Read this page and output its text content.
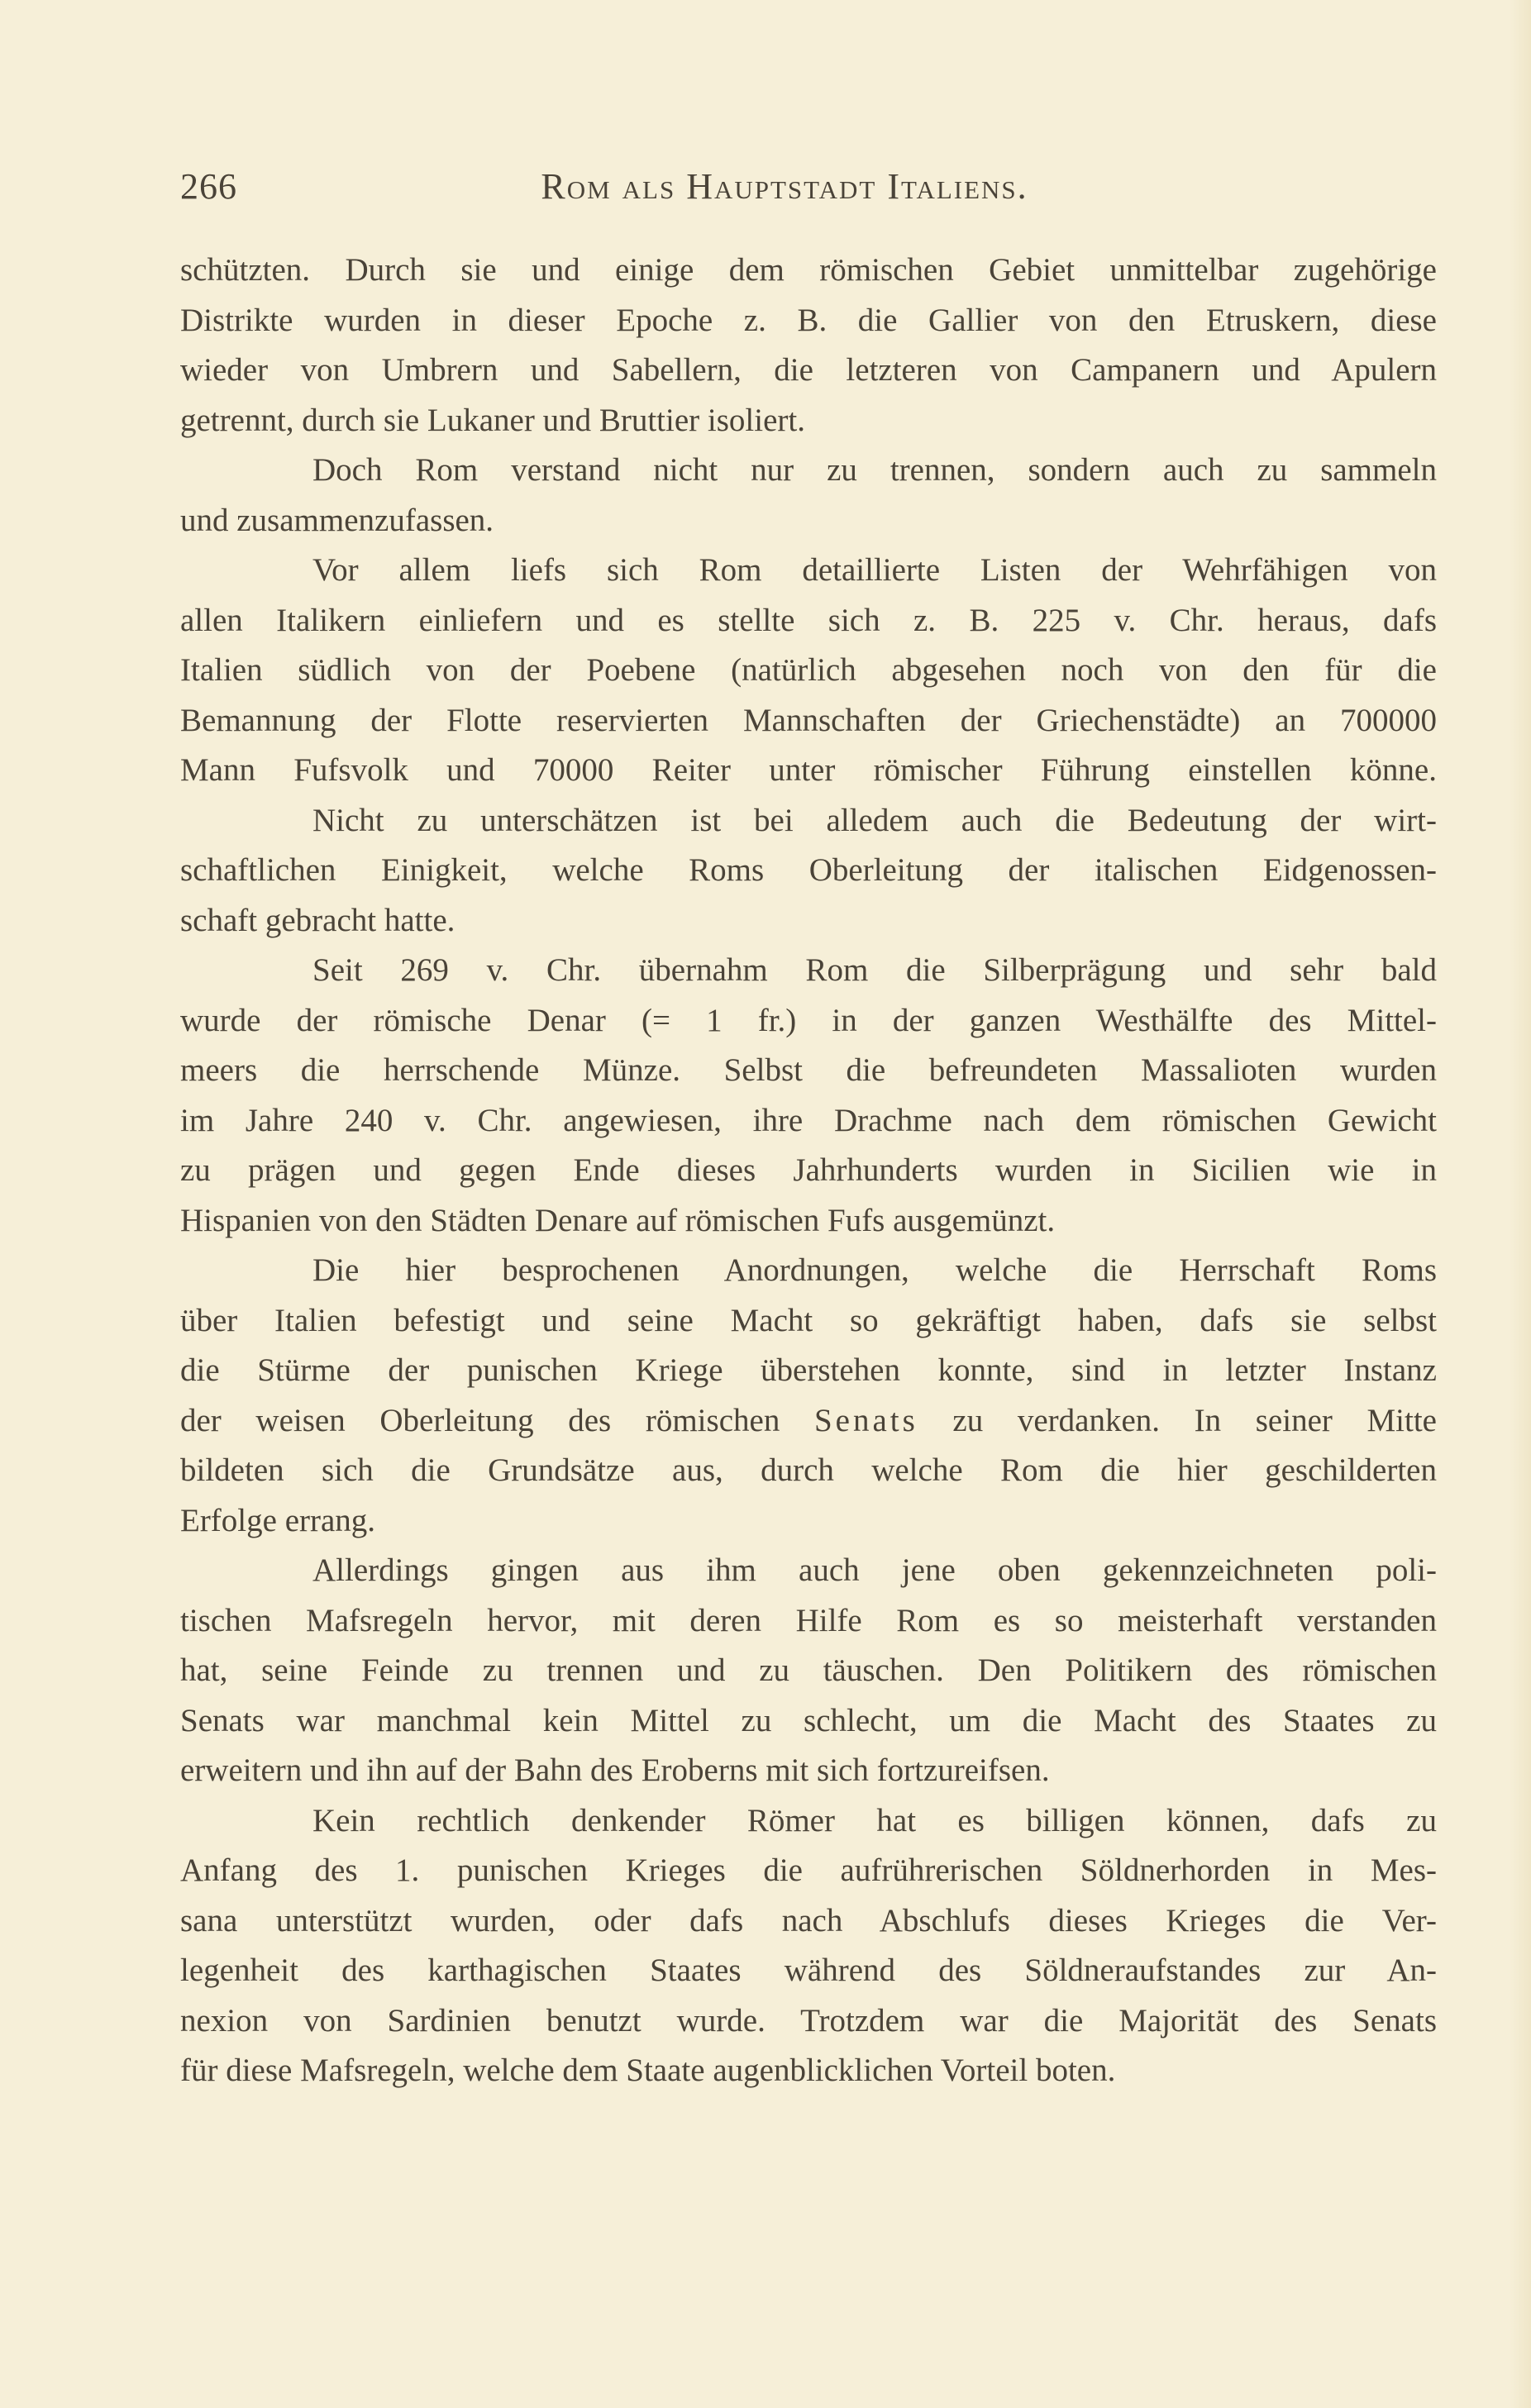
266	Rom als Hauptstadt Italiens.
schützten. Durch sie und einige dem römischen Gebiet unmittelbar zugehörige
Distrikte wurden in dieser Epoche z. B. die Gallier von den Etruskern, diese
wieder von Umbrern und Sabellern, die letzteren von Campanern und Apulern
getrennt, durch sie Lukaner und Bruttier isoliert.
Doch Rom verstand nicht nur zu trennen, sondern auch zu sammeln
und zusammenzufassen.
Vor allem liefs sich Rom detaillierte Listen der Wehrfähigen von
allen Italikern einliefern und es stellte sich z. B. 225 v. Chr. heraus, dafs
Italien südlich von der Poebene (natürlich abgesehen noch von den für die
Bemannung der Flotte reservierten Mannschaften der Griechenstädte) an 700000
Mann Fufsvolk und 70000 Reiter unter römischer Führung einstellen könne.
Nicht zu unterschätzen ist bei alledem auch die Bedeutung der wirt-
schaftlichen Einigkeit, welche Roms Oberleitung der italischen Eidgenossen-
schaft gebracht hatte.
Seit 269 v. Chr. übernahm Rom die Silberprägung und sehr bald
wurde der römische Denar (= 1 fr.) in der ganzen Westhälfte des Mittel-
meers die herrschende Münze. Selbst die befreundeten Massalioten wurden
im Jahre 240 v. Chr. angewiesen, ihre Drachme nach dem römischen Gewicht
zu prägen und gegen Ende dieses Jahrhunderts wurden in Sicilien wie in
Hispanien von den Städten Denare auf römischen Fufs ausgemünzt.
Die hier besprochenen Anordnungen, welche die Herrschaft Roms
über Italien befestigt und seine Macht so gekräftigt haben, dafs sie selbst
die Stürme der punischen Kriege überstehen konnte, sind in letzter Instanz
der weisen Oberleitung des römischen Senats zu verdanken. In seiner Mitte
bildeten sich die Grundsätze aus, durch welche Rom die hier geschilderten
Erfolge errang.
Allerdings gingen aus ihm auch jene oben gekennzeichneten poli-
tischen Mafsregeln hervor, mit deren Hilfe Rom es so meisterhaft verstanden
hat, seine Feinde zu trennen und zu täuschen. Den Politikern des römischen
Senats war manchmal kein Mittel zu schlecht, um die Macht des Staates zu
erweitern und ihn auf der Bahn des Eroberns mit sich fortzureifsen.
Kein rechtlich denkender Römer hat es billigen können, dafs zu
Anfang des 1. punischen Krieges die aufrührerischen Söldnerhorden in Mes-
sana unterstützt wurden, oder dafs nach Abschlufs dieses Krieges die Ver-
legenheit des karthagischen Staates während des Söldneraufstandes zur An-
nexion von Sardinien benutzt wurde. Trotzdem war die Majorität des Senats
für diese Mafsregeln, welche dem Staate augenblicklichen Vorteil boten.
